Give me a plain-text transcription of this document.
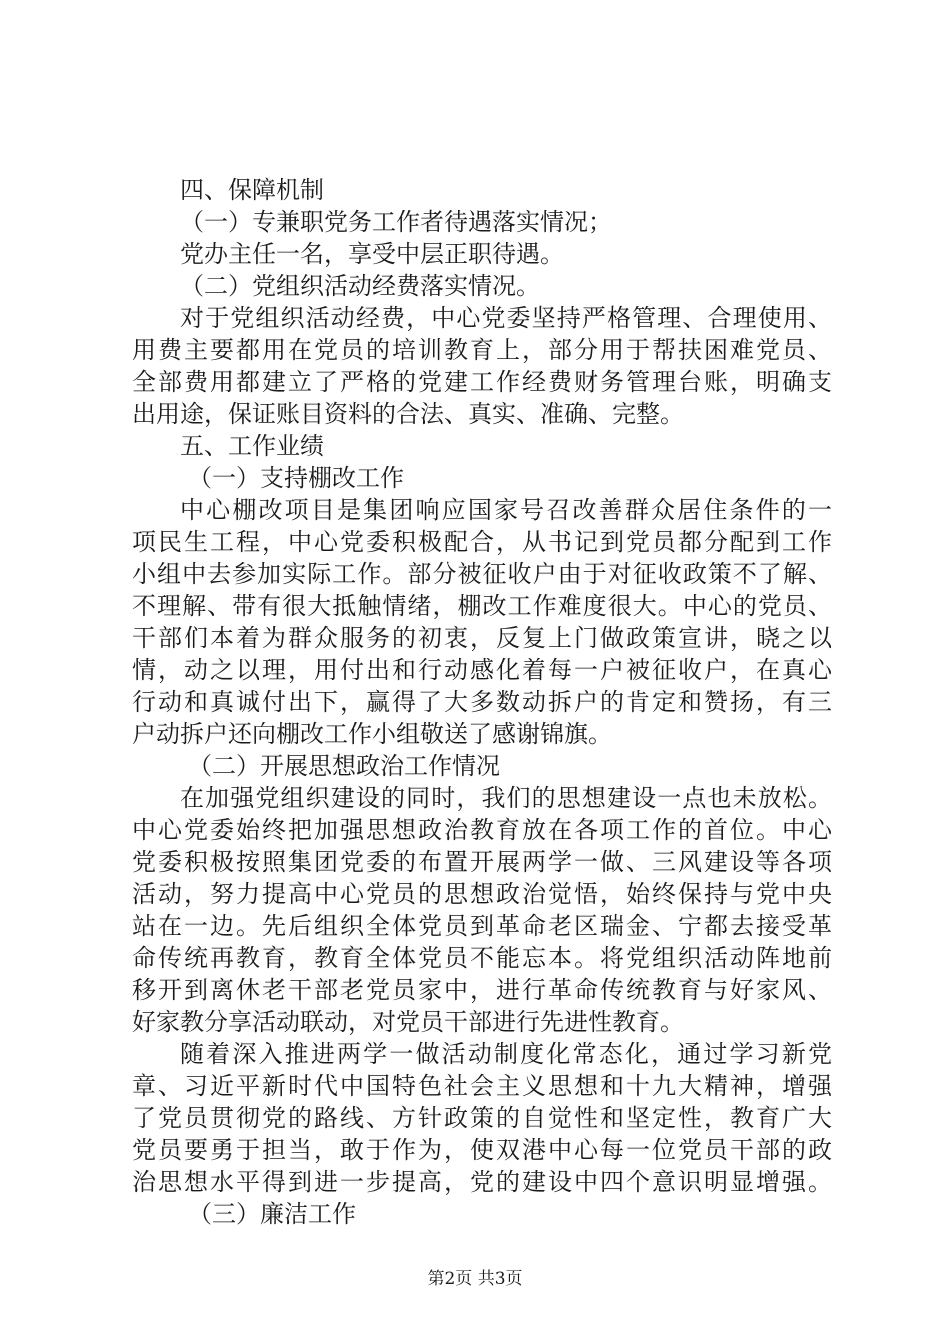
四、保障机制
（一）专兼职党务工作者待遇落实情况；
党办主任一名，享受中层正职待遇。
（二）党组织活动经费落实情况。
对于党组织活动经费，中心党委坚持严格管理、合理使用、
用费主要都用在党员的培训教育上，部分用于帮扶困难党员、
全部费用都建立了严格的党建工作经费财务管理台账，明确支
出用途，保证账目资料的合法、真实、准确、完整。
五、工作业绩
（一）支持棚改工作
中心棚改项目是集团响应国家号召改善群众居住条件的一
项民生工程，中心党委积极配合，从书记到党员都分配到工作
小组中去参加实际工作。部分被征收户由于对征收政策不了解、
不理解、带有很大抵触情绪，棚改工作难度很大。中心的党员、
干部们本着为群众服务的初衷，反复上门做政策宣讲，晓之以
情，动之以理，用付出和行动感化着每一户被征收户，在真心
行动和真诚付出下，赢得了大多数动拆户的肯定和赞扬，有三
户动拆户还向棚改工作小组敬送了感谢锦旗。
（二）开展思想政治工作情况
在加强党组织建设的同时，我们的思想建设一点也未放松。
中心党委始终把加强思想政治教育放在各项工作的首位。中心
党委积极按照集团党委的布置开展两学一做、三风建设等各项
活动，努力提高中心党员的思想政治觉悟，始终保持与党中央
站在一边。先后组织全体党员到革命老区瑞金、宁都去接受革
命传统再教育，教育全体党员不能忘本。将党组织活动阵地前
移开到离休老干部老党员家中，进行革命传统教育与好家风、
好家教分享活动联动，对党员干部进行先进性教育。
随着深入推进两学一做活动制度化常态化，通过学习新党
章、习近平新时代中国特色社会主义思想和十九大精神，增强
了党员贯彻党的路线、方针政策的自觉性和坚定性，教育广大
党员要勇于担当，敢于作为，使双港中心每一位党员干部的政
治思想水平得到进一步提高，党的建设中四个意识明显增强。
（三）廉洁工作
第2页 共3页
